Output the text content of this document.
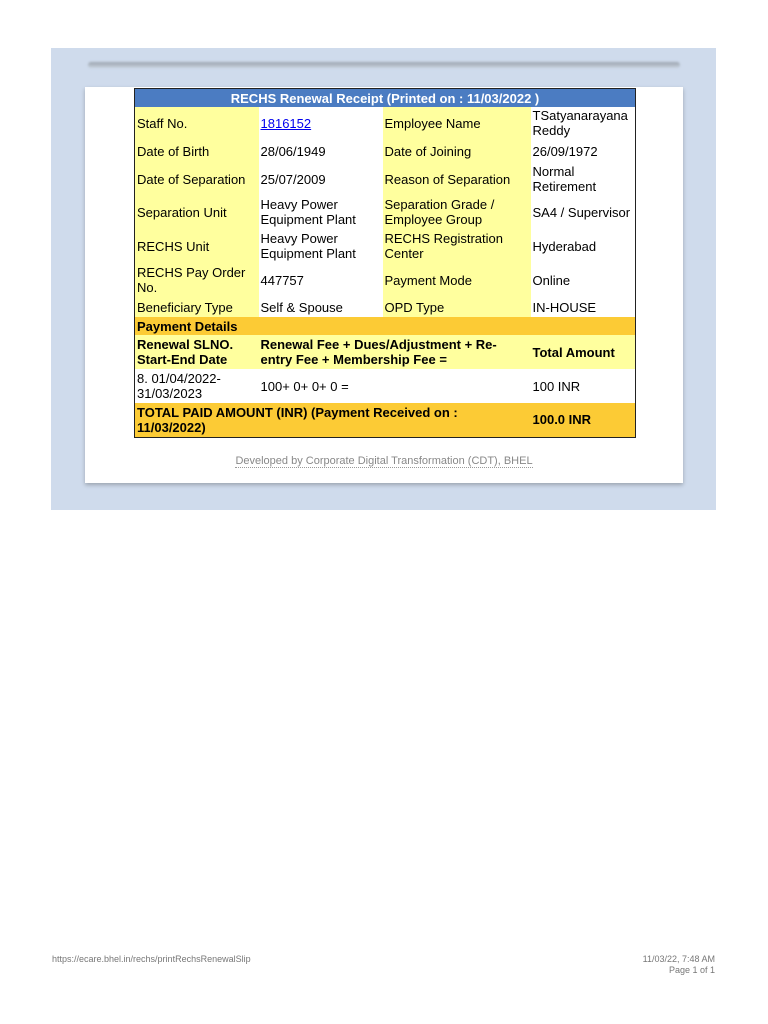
RECHS Renewal Receipt (Printed on : 11/03/2022 )			
Staff No.	1816152	Employee Name	TSatyanarayana Reddy
Date of Birth	28/06/1949	Date of Joining	26/09/1972
Date of Separation	25/07/2009	Reason of Separation	Normal Retirement
Separation Unit	Heavy Power Equipment Plant	Separation Grade / Employee Group	SA4 / Supervisor
RECHS Unit	Heavy Power Equipment Plant	RECHS Registration Center	Hyderabad
RECHS Pay Order No.	447757	Payment Mode	Online
Beneficiary Type	Self & Spouse	OPD Type	IN-HOUSE
Payment Details			
Renewal SLNO. Start-End Date	Renewal Fee + Dues/Adjustment + Re-entry Fee + Membership Fee =		Total Amount
8. 01/04/2022-31/03/2023	100+ 0+ 0+ 0 =		100 INR
TOTAL PAID AMOUNT (INR) (Payment Received on : 11/03/2022)			100.0 INR
Developed by Corporate Digital Transformation (CDT), BHEL
https://ecare.bhel.in/rechs/printRechsRenewalSlip	11/03/22, 7:48 AM
Page 1 of 1
